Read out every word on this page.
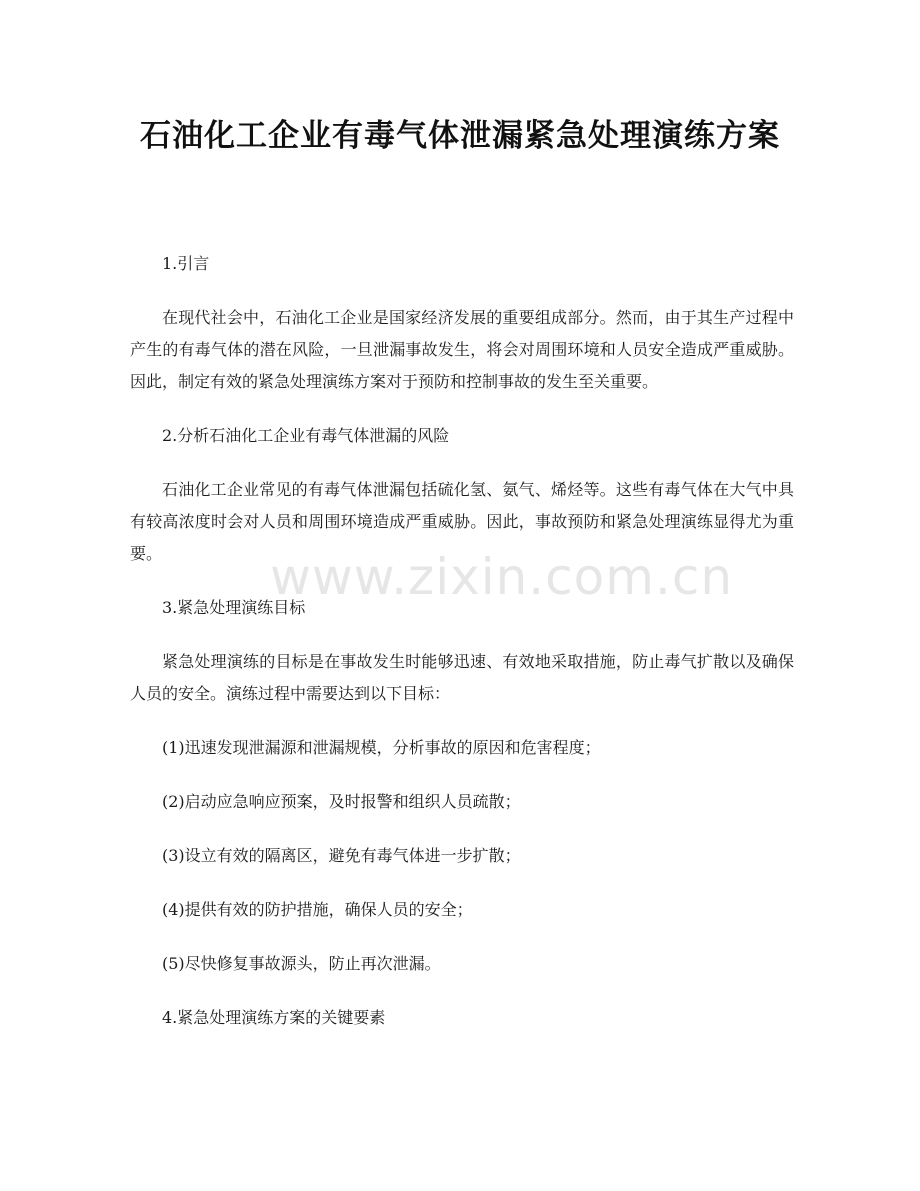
石油化工企业有毒气体泄漏紧急处理演练方案

1.引言

在现代社会中，石油化工企业是国家经济发展的重要组成部分。然而，由于其生产过程中产生的有毒气体的潜在风险，一旦泄漏事故发生，将会对周围环境和人员安全造成严重威胁。因此，制定有效的紧急处理演练方案对于预防和控制事故的发生至关重要。

2.分析石油化工企业有毒气体泄漏的风险

石油化工企业常见的有毒气体泄漏包括硫化氢、氨气、烯烃等。这些有毒气体在大气中具有较高浓度时会对人员和周围环境造成严重威胁。因此，事故预防和紧急处理演练显得尤为重要。

3.紧急处理演练目标

紧急处理演练的目标是在事故发生时能够迅速、有效地采取措施，防止毒气扩散以及确保人员的安全。演练过程中需要达到以下目标：

(1)迅速发现泄漏源和泄漏规模，分析事故的原因和危害程度；

(2)启动应急响应预案，及时报警和组织人员疏散；

(3)设立有效的隔离区，避免有毒气体进一步扩散；

(4)提供有效的防护措施，确保人员的安全；

(5)尽快修复事故源头，防止再次泄漏。

4.紧急处理演练方案的关键要素

www.zixin.com.cn
